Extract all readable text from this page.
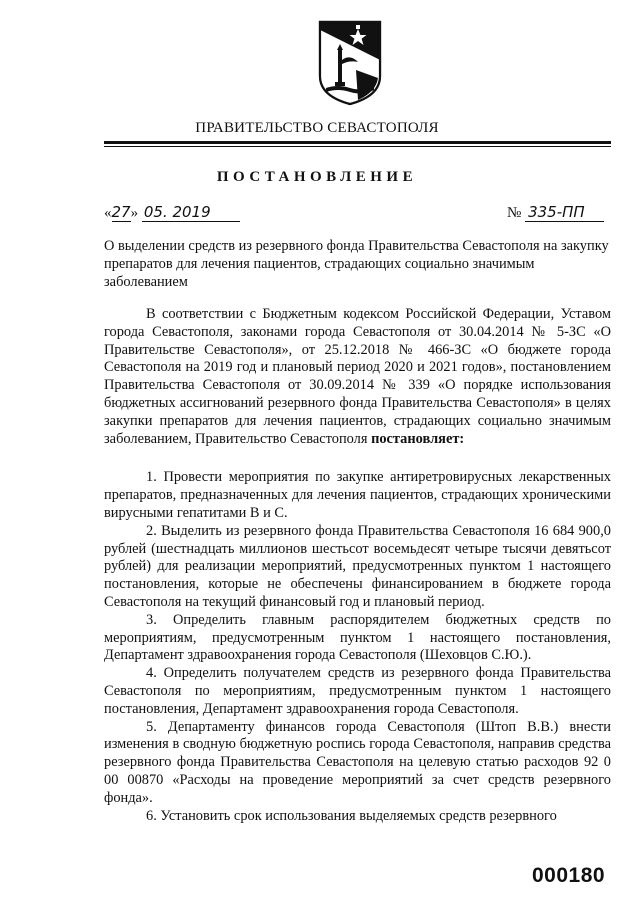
ПРАВИТЕЛЬСТВО СЕВАСТОПОЛЯ
ПОСТАНОВЛЕНИЕ
«27» 05. 2019	№ 335-ПП
О выделении средств из резервного фонда Правительства Севастополя на закупку препаратов для лечения пациентов, страдающих социально значимым заболеванием

В соответствии с Бюджетным кодексом Российской Федерации, Уставом города Севастополя, законами города Севастополя от 30.04.2014 № 5-ЗС «О Правительстве Севастополя», от 25.12.2018 № 466-ЗС «О бюджете города Севастополя на 2019 год и плановый период 2020 и 2021 годов», постановлением Правительства Севастополя от 30.09.2014 № 339 «О порядке использования бюджетных ассигнований резервного фонда Правительства Севастополя» в целях закупки препаратов для лечения пациентов, страдающих социально значимым заболеванием, Правительство Севастополя постановляет:

1. Провести мероприятия по закупке антиретровирусных лекарственных препаратов, предназначенных для лечения пациентов, страдающих хроническими вирусными гепатитами В и С.

2. Выделить из резервного фонда Правительства Севастополя 16 684 900,0 рублей (шестнадцать миллионов шестьсот восемьдесят четыре тысячи девятьсот рублей) для реализации мероприятий, предусмотренных пунктом 1 настоящего постановления, которые не обеспечены финансированием в бюджете города Севастополя на текущий финансовый год и плановый период.

3. Определить главным распорядителем бюджетных средств по мероприятиям, предусмотренным пунктом 1 настоящего постановления, Департамент здравоохранения города Севастополя (Шеховцов С.Ю.).

4. Определить получателем средств из резервного фонда Правительства Севастополя по мероприятиям, предусмотренным пунктом 1 настоящего постановления, Департамент здравоохранения города Севастополя.

5. Департаменту финансов города Севастополя (Штоп В.В.) внести изменения в сводную бюджетную роспись города Севастополя, направив средства резервного фонда Правительства Севастополя на целевую статью расходов 92 0 00 00870 «Расходы на проведение мероприятий за счет средств резервного фонда».

6. Установить срок использования выделяемых средств резервного

000180
